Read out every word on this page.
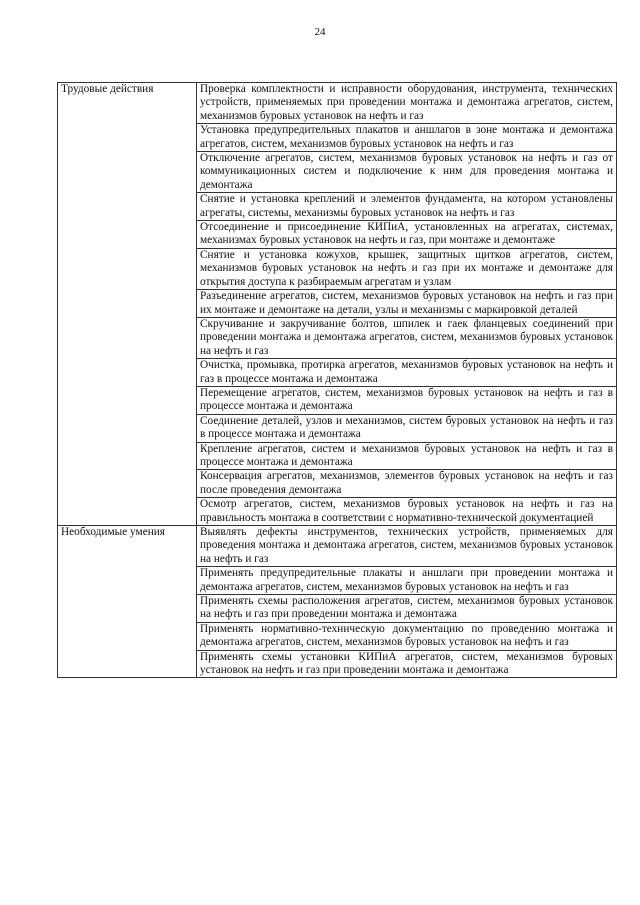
24
Трудовые действия	Проверка комплектности и исправности оборудования, инструмента, технических устройств, применяемых при проведении монтажа и демонтажа агрегатов, систем, механизмов буровых установок на нефть и газ
	Установка предупредительных плакатов и аншлагов в зоне монтажа и демонтажа агрегатов, систем, механизмов буровых установок на нефть и газ
	Отключение агрегатов, систем, механизмов буровых установок на нефть и газ от коммуникационных систем и подключение к ним для проведения монтажа и демонтажа
	Снятие и установка креплений и элементов фундамента, на котором установлены агрегаты, системы, механизмы буровых установок на нефть и газ
	Отсоединение и присоединение КИПиА, установленных на агрегатах, системах, механизмах буровых установок на нефть и газ, при монтаже и демонтаже
	Снятие и установка кожухов, крышек, защитных щитков агрегатов, систем, механизмов буровых установок на нефть и газ при их монтаже и демонтаже для открытия доступа к разбираемым агрегатам и узлам
	Разъединение агрегатов, систем, механизмов буровых установок на нефть и газ при их монтаже и демонтаже на детали, узлы и механизмы с маркировкой деталей
	Скручивание и закручивание болтов, шпилек и гаек фланцевых соединений при проведении монтажа и демонтажа агрегатов, систем, механизмов буровых установок на нефть и газ
	Очистка, промывка, протирка агрегатов, механизмов буровых установок на нефть и газ в процессе монтажа и демонтажа
	Перемещение агрегатов, систем, механизмов буровых установок на нефть и газ в процессе монтажа и демонтажа
	Соединение деталей, узлов и механизмов, систем буровых установок на нефть и газ в процессе монтажа и демонтажа
	Крепление агрегатов, систем и механизмов буровых установок на нефть и газ в процессе монтажа и демонтажа
	Консервация агрегатов, механизмов, элементов буровых установок на нефть и газ после проведения демонтажа
	Осмотр агрегатов, систем, механизмов буровых установок на нефть и газ на правильность монтажа в соответствии с нормативно-технической документацией
Необходимые умения	Выявлять дефекты инструментов, технических устройств, применяемых для проведения монтажа и демонтажа агрегатов, систем, механизмов буровых установок на нефть и газ
	Применять предупредительные плакаты и аншлаги при проведении монтажа и демонтажа агрегатов, систем, механизмов буровых установок на нефть и газ
	Применять схемы расположения агрегатов, систем, механизмов буровых установок на нефть и газ при проведении монтажа и демонтажа
	Применять нормативно-техническую документацию по проведению монтажа и демонтажа агрегатов, систем, механизмов буровых установок на нефть и газ
	Применять схемы установки КИПиА агрегатов, систем, механизмов буровых установок на нефть и газ при проведении монтажа и демонтажа
